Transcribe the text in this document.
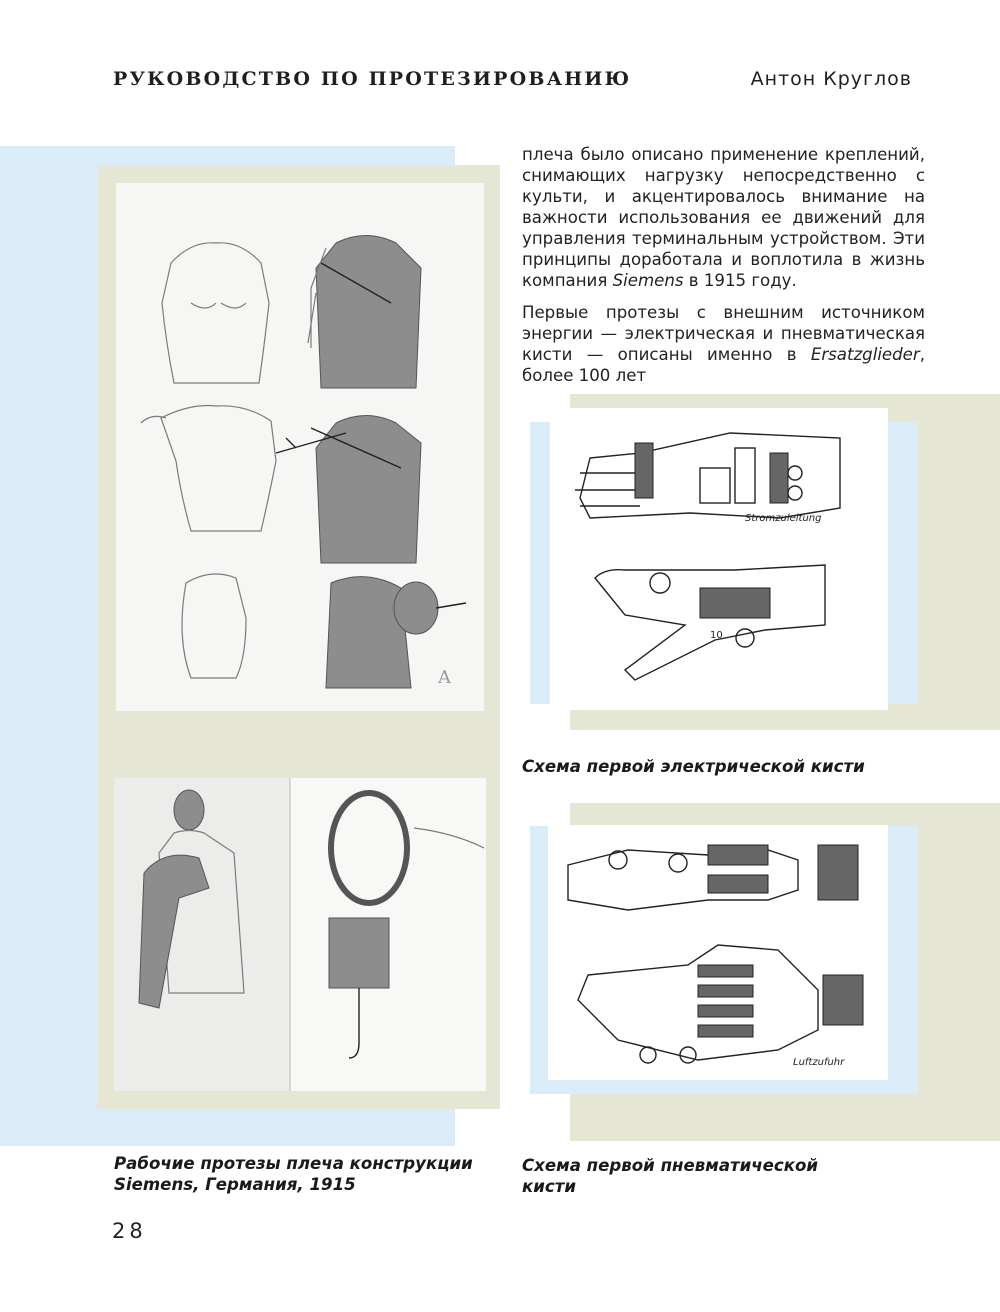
РУКОВОДСТВО ПО ПРОТЕЗИРОВАНИЮ	Антон Круглов
A

плеча было описано применение креплений, снимающих нагрузку непосредственно с культи, и акцентировалось внимание на важности использования ее движений для управления терминальным устройством. Эти принципы доработала и воплотила в жизнь компания Siemens в 1915 году.

Первые протезы с внешним источником энергии — электрическая и пневматическая кисти — описаны именно в Ersatzglieder, более 100 лет

Stromzuleitung
10
Схема первой электрической кисти
Luftzufuhr
Схема первой пневматической кисти
Рабочие протезы плеча конструкции Siemens, Германия, 1915
28
